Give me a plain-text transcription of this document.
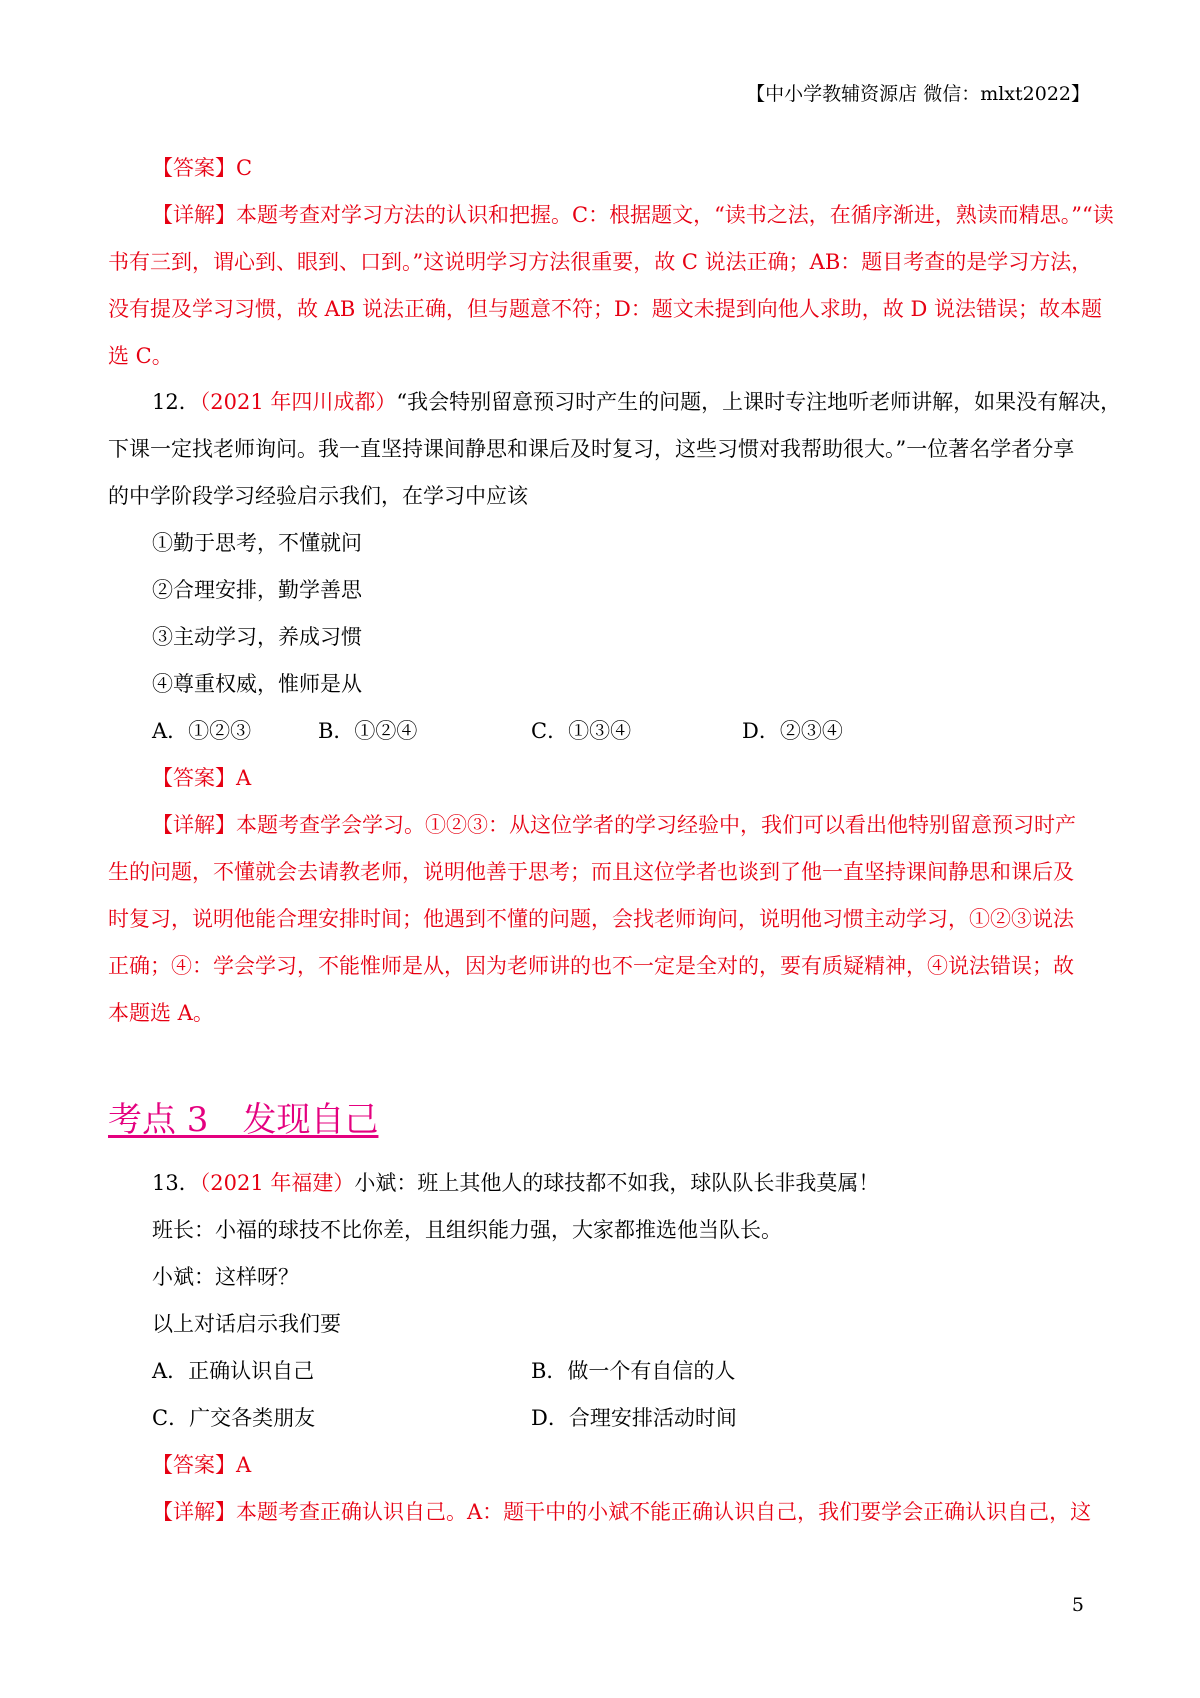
【中小学教辅资源店 微信：mlxt2022】
【答案】C
【详解】本题考查对学习方法的认识和把握。C：根据题文，“读书之法，在循序渐进，熟读而精思。”“读
书有三到，谓心到、眼到、口到。”这说明学习方法很重要，故 C 说法正确；AB：题目考查的是学习方法，
没有提及学习习惯，故 AB 说法正确，但与题意不符；D：题文未提到向他人求助，故 D 说法错误；故本题
选 C。
12．（2021 年四川成都）“我会特别留意预习时产生的问题，上课时专注地听老师讲解，如果没有解决，
下课一定找老师询问。我一直坚持课间静思和课后及时复习，这些习惯对我帮助很大。”一位著名学者分享
的中学阶段学习经验启示我们，在学习中应该
①勤于思考，不懂就问
②合理安排，勤学善思
③主动学习，养成习惯
④尊重权威，惟师是从
A．①②③	B．①②④	C．①③④	D．②③④
【答案】A
【详解】本题考查学会学习。①②③：从这位学者的学习经验中，我们可以看出他特别留意预习时产
生的问题，不懂就会去请教老师，说明他善于思考；而且这位学者也谈到了他一直坚持课间静思和课后及
时复习，说明他能合理安排时间；他遇到不懂的问题，会找老师询问，说明他习惯主动学习，①②③说法
正确；④：学会学习，不能惟师是从，因为老师讲的也不一定是全对的，要有质疑精神，④说法错误；故
本题选 A。
考点 3　发现自己
13．（2021 年福建）小斌：班上其他人的球技都不如我，球队队长非我莫属！
班长：小福的球技不比你差，且组织能力强，大家都推选他当队长。
小斌：这样呀？
以上对话启示我们要
A．正确认识自己	B．做一个有自信的人
C．广交各类朋友	D．合理安排活动时间
【答案】A
【详解】本题考查正确认识自己。A：题干中的小斌不能正确认识自己，我们要学会正确认识自己，这
5
